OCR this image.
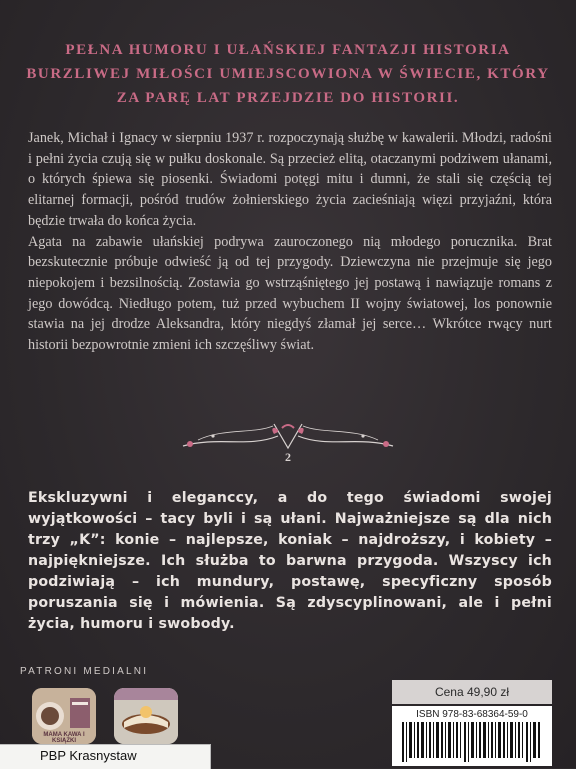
PEŁNA HUMORU I UŁAŃSKIEJ FANTAZJI HISTORIA BURZLIWEJ MIŁOŚCI UMIEJSCOWIONA W ŚWIECIE, KTÓRY ZA PARĘ LAT PRZEJDZIE DO HISTORII.

Janek, Michał i Ignacy w sierpniu 1937 r. rozpoczynają służbę w kawalerii. Młodzi, radośni i pełni życia czują się w pułku doskonale. Są przecież elitą, otaczanymi podziwem ułanami, o których śpiewa się piosenki. Świadomi potęgi mitu i dumni, że stali się częścią tej elitarnej formacji, pośród trudów żołnierskiego życia zacieśniają więzi przyjaźni, która będzie trwała do końca życia.

Agata na zabawie ułańskiej podrywa zauroczonego nią młodego porucznika. Brat bezskutecznie próbuje odwieść ją od tej przygody. Dziewczyna nie przejmuje się jego niepokojem i bezsilnością. Zostawia go wstrząśniętego jej postawą i nawiązuje romans z jego dowódcą. Niedługo potem, tuż przed wybuchem II wojny światowej, los ponownie stawia na jej drodze Aleksandra, który niegdyś złamał jej serce… Wkrótce rwący nurt historii bezpowrotnie zmieni ich szczęśliwy świat.

2
Ekskluzywni i eleganccy, a do tego świadomi swojej wyjątkowości – tacy byli i są ułani. Najważniejsze są dla nich trzy „K”: konie – najlepsze, koniak – najdroższy, i kobiety – najpiękniejsze. Ich służba to barwna przygoda. Wszyscy ich podziwiają – ich mundury, postawę, specyficzny sposób poruszania się i mówienia. Są zdyscyplinowani, ale i pełni życia, humoru i swobody.
PATRONI MEDIALNI
MAMA KAWA I KSIĄŻKI
Cena 49,90 zł
ISBN 978-83-68364-59-0
PBP Krasnystaw
